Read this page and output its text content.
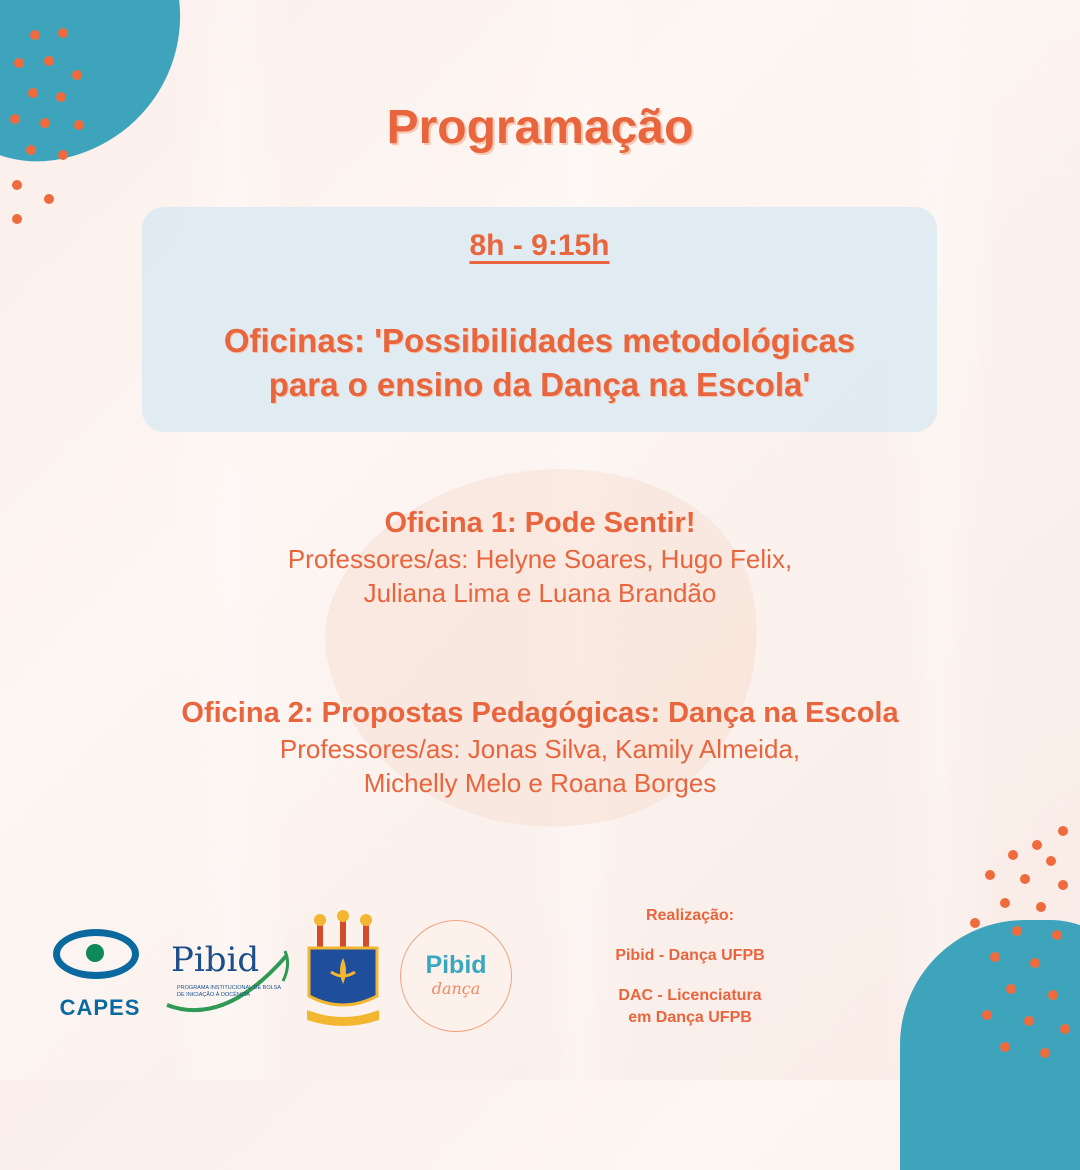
Programação
8h - 9:15h
Oficinas: 'Possibilidades metodológicas
para o ensino da Dança na Escola'
Oficina 1: Pode Sentir!
Professores/as: Helyne Soares, Hugo Felix,
Juliana Lima e Luana Brandão
Oficina 2: Propostas Pedagógicas: Dança na Escola
Professores/as: Jonas Silva, Kamily Almeida,
Michelly Melo e Roana Borges
CAPES
Pibid
PROGRAMA INSTITUCIONAL DE BOLSA DE INICIAÇÃO À DOCÊNCIA
Pibid
dança
Realização:
Pibid - Dança UFPB
DAC - Licenciatura
em Dança UFPB
